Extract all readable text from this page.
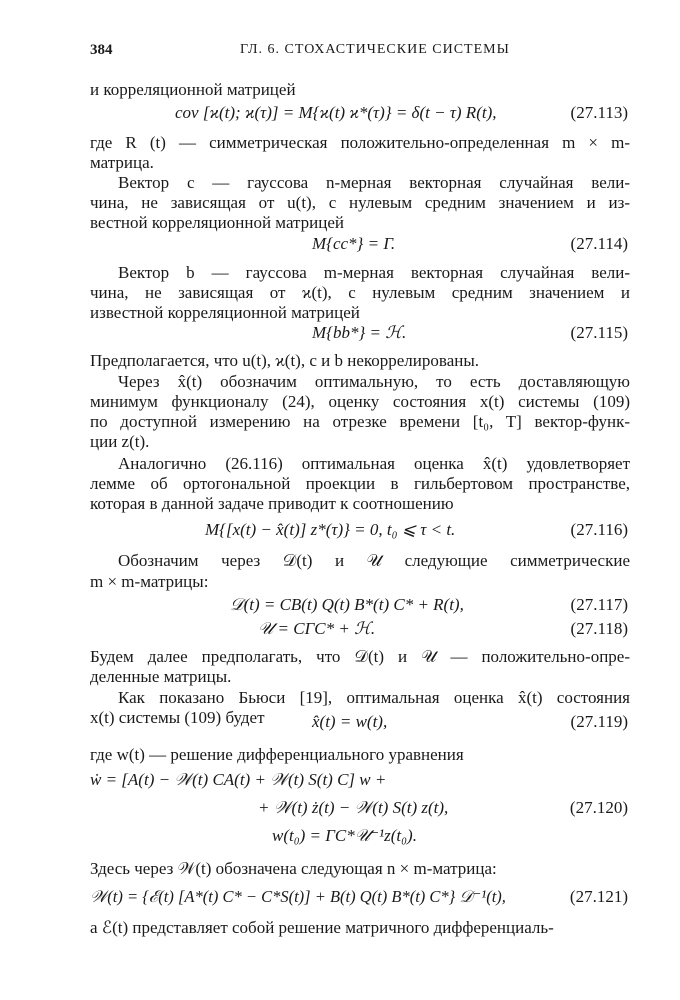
384	ГЛ. 6. СТОХАСТИЧЕСКИЕ СИСТЕМЫ
и корреляционной матрицей
cov [ϰ(t); ϰ(τ)] = M{ϰ(t) ϰ*(τ)} = δ(t − τ) R(t),	(27.113)
где R (t) — симметрическая положительно-определенная m × m-
матрица.
Вектор c — гауссова n-мерная векторная случайная вели-
чина, не зависящая от u(t), с нулевым средним значением и из-
вестной корреляционной матрицей
M{cc*} = Γ.	(27.114)
Вектор b — гауссова m-мерная векторная случайная вели-
чина, не зависящая от ϰ(t), с нулевым средним значением и
известной корреляционной матрицей
M{bb*} = ℋ.	(27.115)
Предполагается, что u(t), ϰ(t), c и b некоррелированы.
Через x̂(t) обозначим оптимальную, то есть доставляющую
минимум функционалу (24), оценку состояния x(t) системы (109)
по доступной измерению на отрезке времени [t₀, T] вектор-функ-
ции z(t).
Аналогично (26.116) оптимальная оценка x̂(t) удовлетворяет
лемме об ортогональной проекции в гильбертовом пространстве,
которая в данной задаче приводит к соотношению
M{[x(t) − x̂(t)] z*(τ)} = 0, t₀ ⩽ τ < t.	(27.116)
Обозначим через 𝒟(t) и 𝒰 следующие симметрические
m × m-матрицы:
𝒟(t) = CB(t) Q(t) B*(t) C* + R(t),	(27.117)
𝒰 = CΓC* + ℋ.	(27.118)
Будем далее предполагать, что 𝒟(t) и 𝒰 — положительно-опре-
деленные матрицы.
Как показано Бьюси [19], оптимальная оценка x̂(t) состояния
x(t) системы (109) будет	x̂(t) = w(t),	(27.119)
где w(t) — решение дифференциального уравнения
ẇ = [A(t) − 𝒲(t) CA(t) + 𝒲(t) S(t) C] w +
+ 𝒲(t) ż(t) − 𝒲(t) S(t) z(t),	(27.120)
w(t₀) = ΓC*𝒰⁻¹z(t₀).
Здесь через 𝒲(t) обозначена следующая n × m-матрица:
𝒲(t) = {ℰ(t) [A*(t) C* − C*S(t)] + B(t) Q(t) B*(t) C*} 𝒟⁻¹(t),	(27.121)
а ℰ(t) представляет собой решение матричного дифференциаль-
